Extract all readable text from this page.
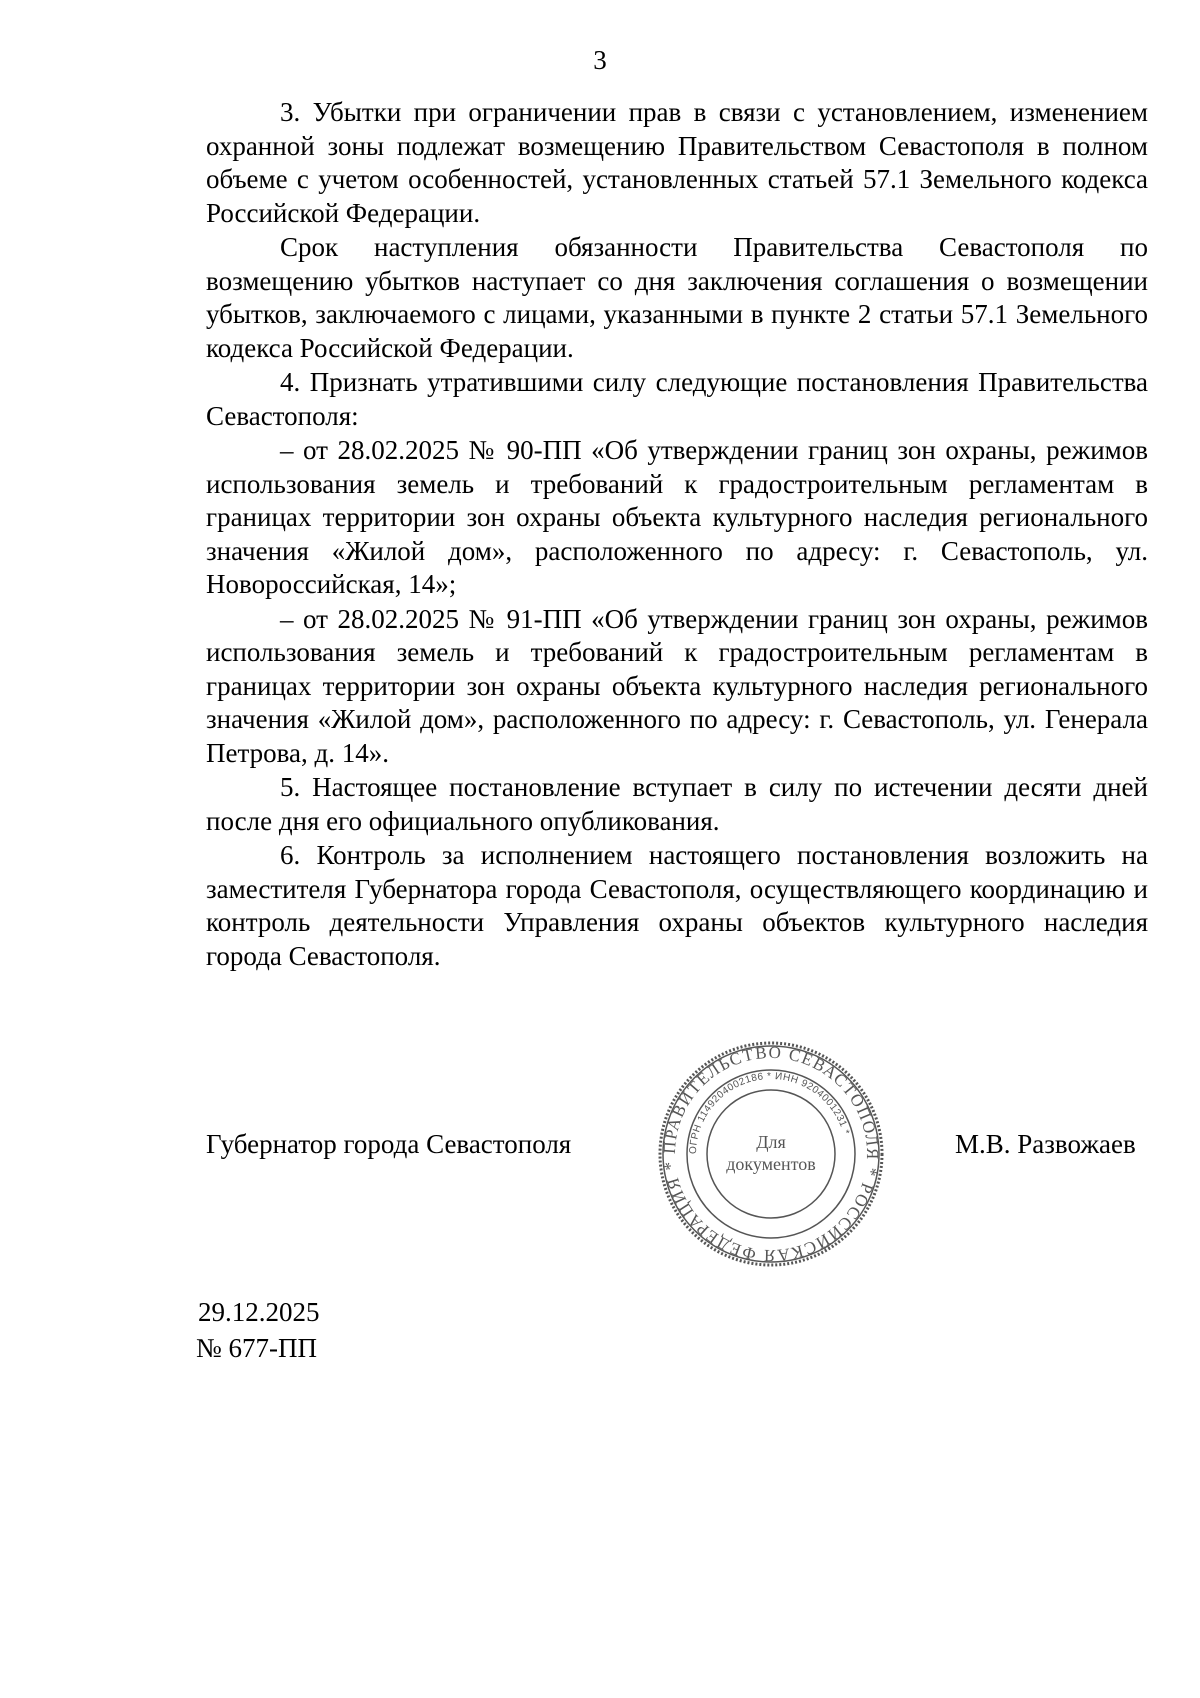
3

3. Убытки при ограничении прав в связи с установлением, изменением охранной зоны подлежат возмещению Правительством Севастополя в полном объеме с учетом особенностей, установленных статьей 57.1 Земельного кодекса Российской Федерации.

Срок наступления обязанности Правительства Севастополя по возмещению убытков наступает со дня заключения соглашения о возмещении убытков, заключаемого с лицами, указанными в пункте 2 статьи 57.1 Земельного кодекса Российской Федерации.

4. Признать утратившими силу следующие постановления Правительства Севастополя:

– от 28.02.2025 № 90-ПП «Об утверждении границ зон охраны, режимов использования земель и требований к градостроительным регламентам в границах территории зон охраны объекта культурного наследия регионального значения «Жилой дом», расположенного по адресу: г. Севастополь, ул. Новороссийская, 14»;

– от 28.02.2025 № 91-ПП «Об утверждении границ зон охраны, режимов использования земель и требований к градостроительным регламентам в границах территории зон охраны объекта культурного наследия регионального значения «Жилой дом», расположенного по адресу: г. Севастополь, ул. Генерала Петрова, д. 14».

5. Настоящее постановление вступает в силу по истечении десяти дней после дня его официального опубликования.

6. Контроль за исполнением настоящего постановления возложить на заместителя Губернатора города Севастополя, осуществляющего координацию и контроль деятельности Управления охраны объектов культурного наследия города Севастополя.

Губернатор города Севастополя	ПРАВИТЕЛЬСТВО СЕВАСТОПОЛЯ * РОССИЙСКАЯ ФЕДЕРАЦИЯ *
ОГРН 1149204002186 * ИНН 9204001231 *
Для
документов
М.В. Развожаев
29.12.2025
№ 677-ПП
